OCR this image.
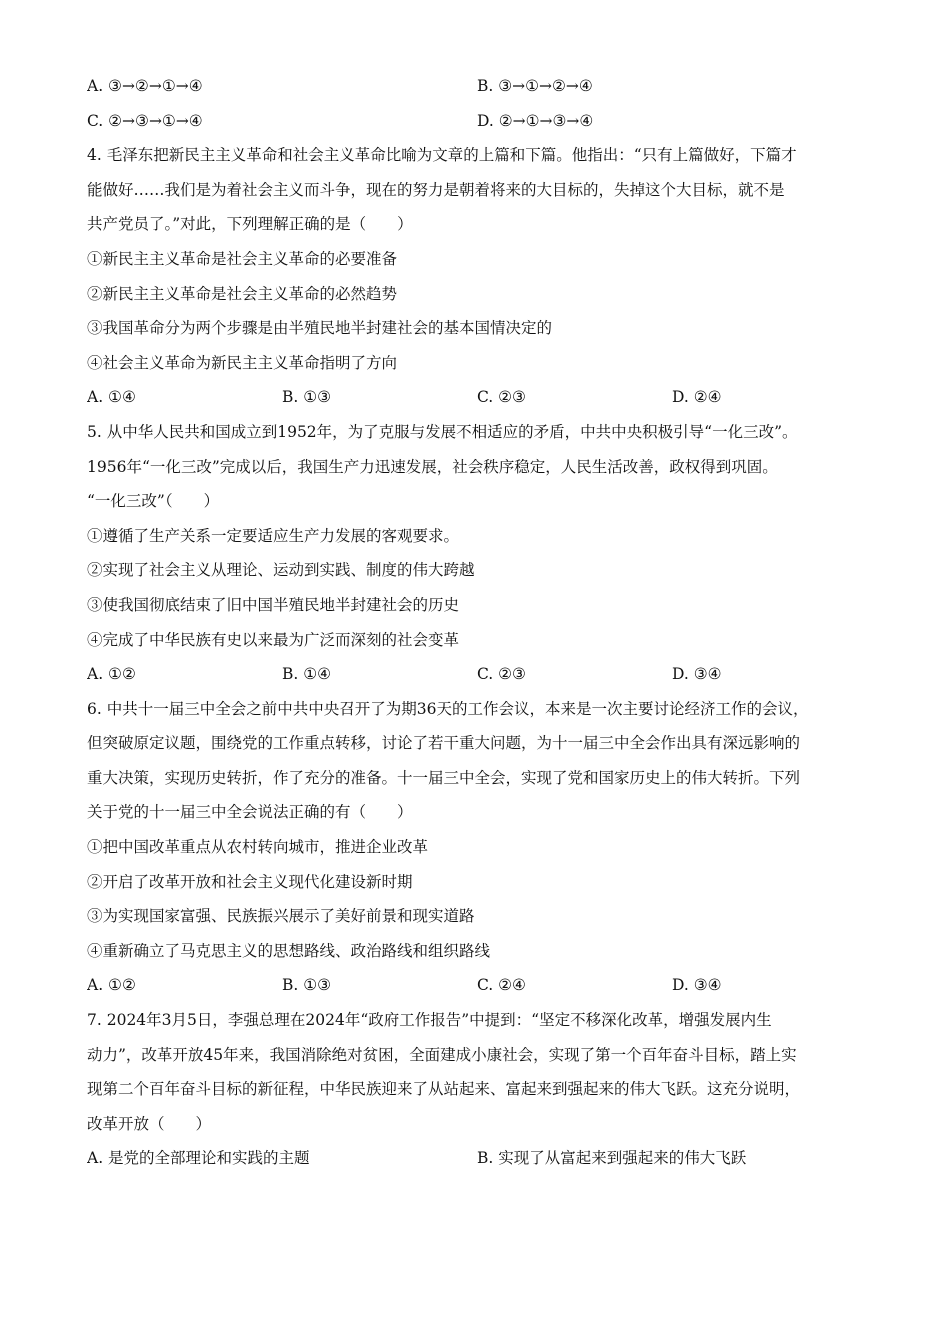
A. ③→②→①→④	B. ③→①→②→④
C. ②→③→①→④	D. ②→①→③→④
4. 毛泽东把新民主主义革命和社会主义革命比喻为文章的上篇和下篇。他指出：“只有上篇做好，下篇才
能做好……我们是为着社会主义而斗争，现在的努力是朝着将来的大目标的，失掉这个大目标，就不是
共产党员了。”对此，下列理解正确的是（　　）
①新民主主义革命是社会主义革命的必要准备
②新民主主义革命是社会主义革命的必然趋势
③我国革命分为两个步骤是由半殖民地半封建社会的基本国情决定的
④社会主义革命为新民主主义革命指明了方向
A. ①④	B. ①③	C. ②③	D. ②④
5. 从中华人民共和国成立到1952年，为了克服与发展不相适应的矛盾，中共中央积极引导“一化三改”。
1956年“一化三改”完成以后，我国生产力迅速发展，社会秩序稳定，人民生活改善，政权得到巩固。
“一化三改”（　　）
①遵循了生产关系一定要适应生产力发展的客观要求。
②实现了社会主义从理论、运动到实践、制度的伟大跨越
③使我国彻底结束了旧中国半殖民地半封建社会的历史
④完成了中华民族有史以来最为广泛而深刻的社会变革
A. ①②	B. ①④	C. ②③	D. ③④
6. 中共十一届三中全会之前中共中央召开了为期36天的工作会议，本来是一次主要讨论经济工作的会议，
但突破原定议题，围绕党的工作重点转移，讨论了若干重大问题，为十一届三中全会作出具有深远影响的
重大决策，实现历史转折，作了充分的准备。十一届三中全会，实现了党和国家历史上的伟大转折。下列
关于党的十一届三中全会说法正确的有（　　）
①把中国改革重点从农村转向城市，推进企业改革
②开启了改革开放和社会主义现代化建设新时期
③为实现国家富强、民族振兴展示了美好前景和现实道路
④重新确立了马克思主义的思想路线、政治路线和组织路线
A. ①②	B. ①③	C. ②④	D. ③④
7. 2024年3月5日，李强总理在2024年“政府工作报告”中提到：“坚定不移深化改革，增强发展内生
动力”，改革开放45年来，我国消除绝对贫困，全面建成小康社会，实现了第一个百年奋斗目标，踏上实
现第二个百年奋斗目标的新征程，中华民族迎来了从站起来、富起来到强起来的伟大飞跃。这充分说明，
改革开放（　　）
A. 是党的全部理论和实践的主题	B. 实现了从富起来到强起来的伟大飞跃
